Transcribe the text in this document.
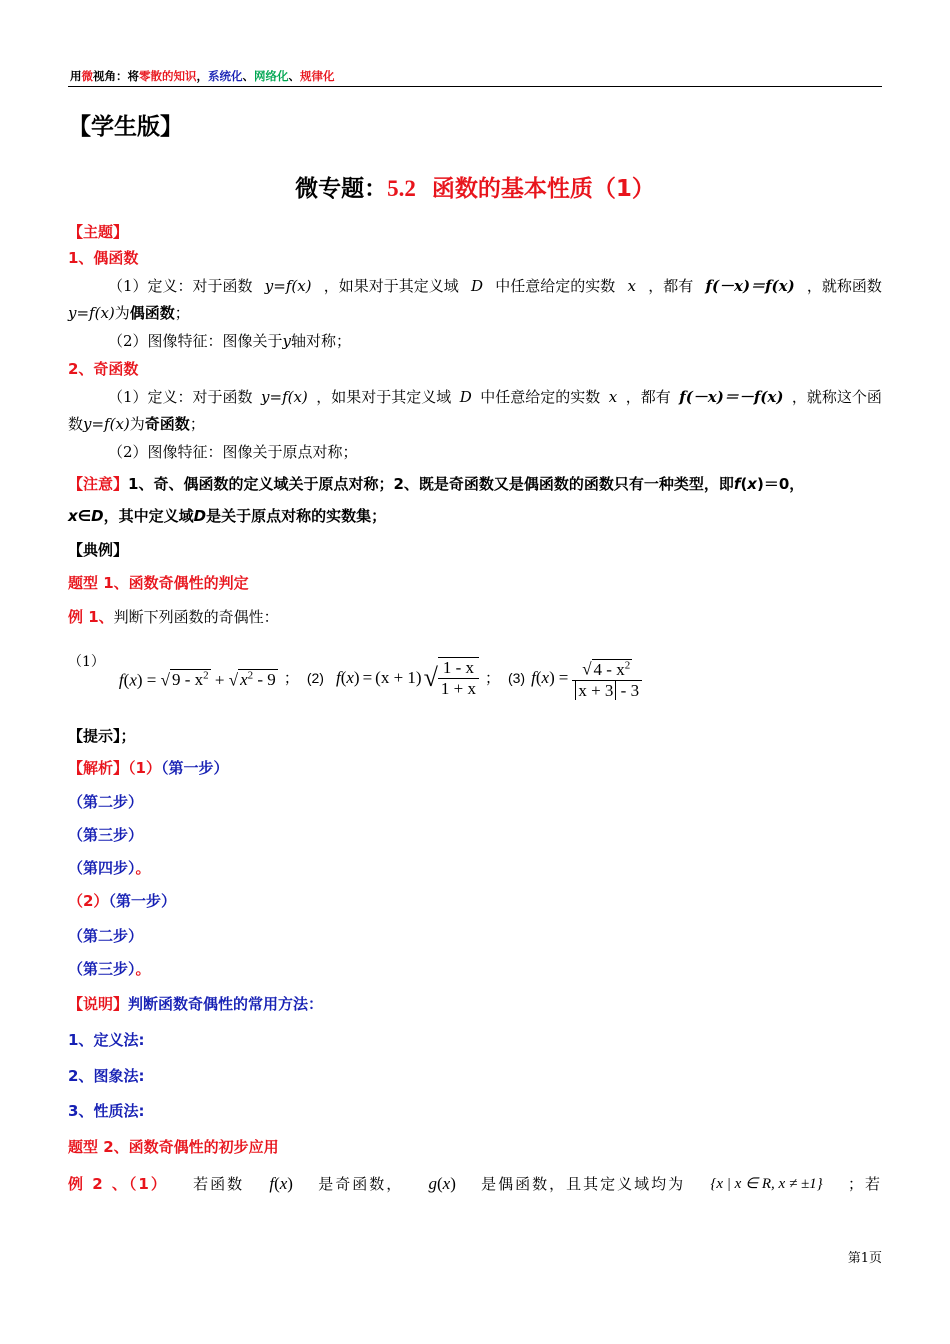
用微视角：将零散的知识，系统化、网络化、规律化
【学生版】
微专题：5.2 函数的基本性质（1）
【主题】
1、偶函数
（1）定义：对于函数 y=f(x) ，如果对于其定义域 D 中任意给定的实数 x ，都有 f(－x)＝f(x) ，就称函数
y=f(x)为偶函数；
（2）图像特征：图像关于y轴对称；
2、奇函数
（1）定义：对于函数 y=f(x) ，如果对于其定义域 D 中任意给定的实数 x ，都有 f(－x)＝－f(x) ，就称这个函
数y=f(x)为奇函数；
（2）图像特征：图像关于原点对称；
【注意】1、奇、偶函数的定义域关于原点对称；2、既是奇函数又是偶函数的函数只有一种类型，即f(x)＝0，
x∈D，其中定义域D是关于原点对称的实数集；
【典例】
题型 1、函数奇偶性的判定
例 1、判断下列函数的奇偶性：
（1）
f(x) = √ $9 - x^2$ + √ $x^2 - 9$ ； (2) f ( x ) = (x + 1) √ $\frac{1 - x}{1 + x}$ ； (3) f ( x ) = $\frac{√ 4 - x^2}{x + 3 - 3}$
【提示】；
【解析】（1）（第一步）
（第二步）
（第三步）
（第四步）。
（2）（第一步）
（第二步）
（第三步）。
【说明】判断函数奇偶性的常用方法：
1、定义法:
2、图象法:
3、性质法:
题型 2、函数奇偶性的初步应用
例 2 、（1） 若函数 f(x) 是奇函数， g(x) 是偶函数，且其定义域均为 {x | x ∈ R, x ≠ ±1} ；若
第1页
